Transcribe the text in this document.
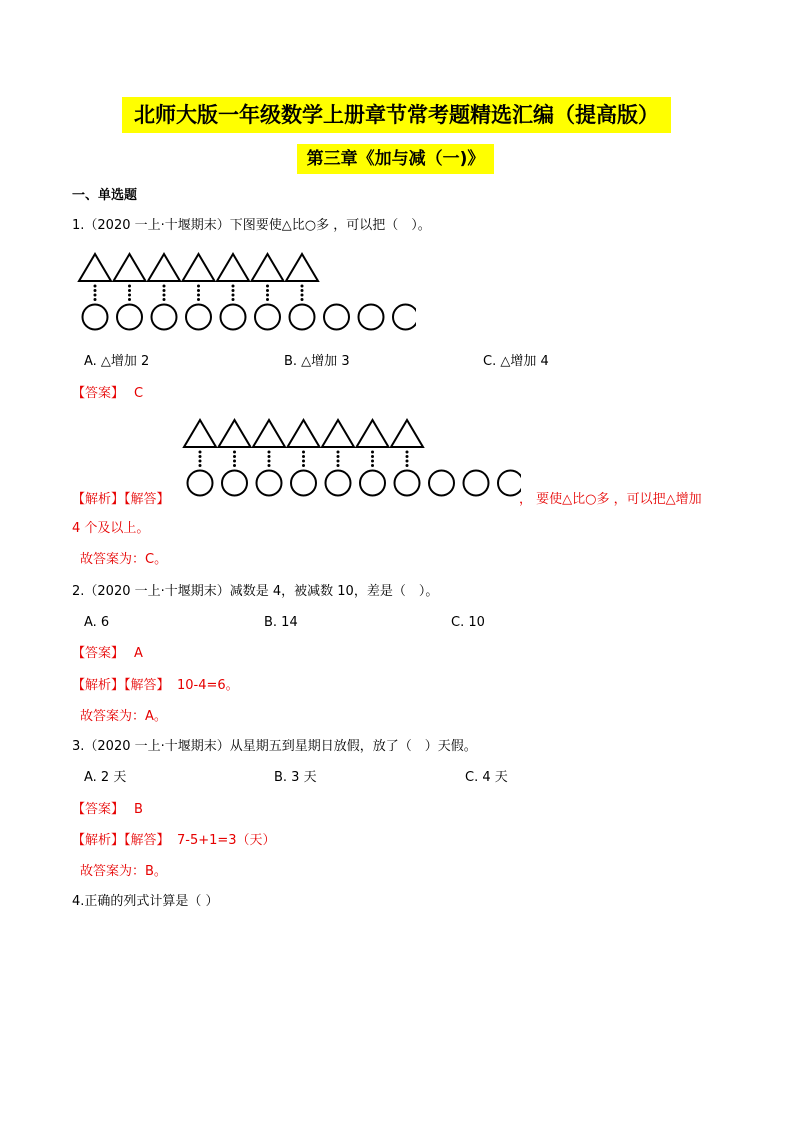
北师大版一年级数学上册章节常考题精选汇编（提高版）
第三章《加与减（一)》
一、单选题
1.（2020 一上·十堰期末）下图要使△比○多 ，可以把（　）。
A. △增加 2	B. △增加 3	C. △增加 4
【答案】 C
【解析】【解答】	， 要使△比○多 ，可以把△增加
4 个及以上。
故答案为：C。
2.（2020 一上·十堰期末）减数是 4，被减数 10，差是（　）。
A. 6	B. 14	C. 10
【答案】 A
【解析】【解答】 10-4=6。
故答案为：A。
3.（2020 一上·十堰期末）从星期五到星期日放假，放了（　）天假。
A. 2 天	B. 3 天	C. 4 天
【答案】 B
【解析】【解答】 7-5+1=3（天）
故答案为：B。
4.正确的列式计算是（ ）
